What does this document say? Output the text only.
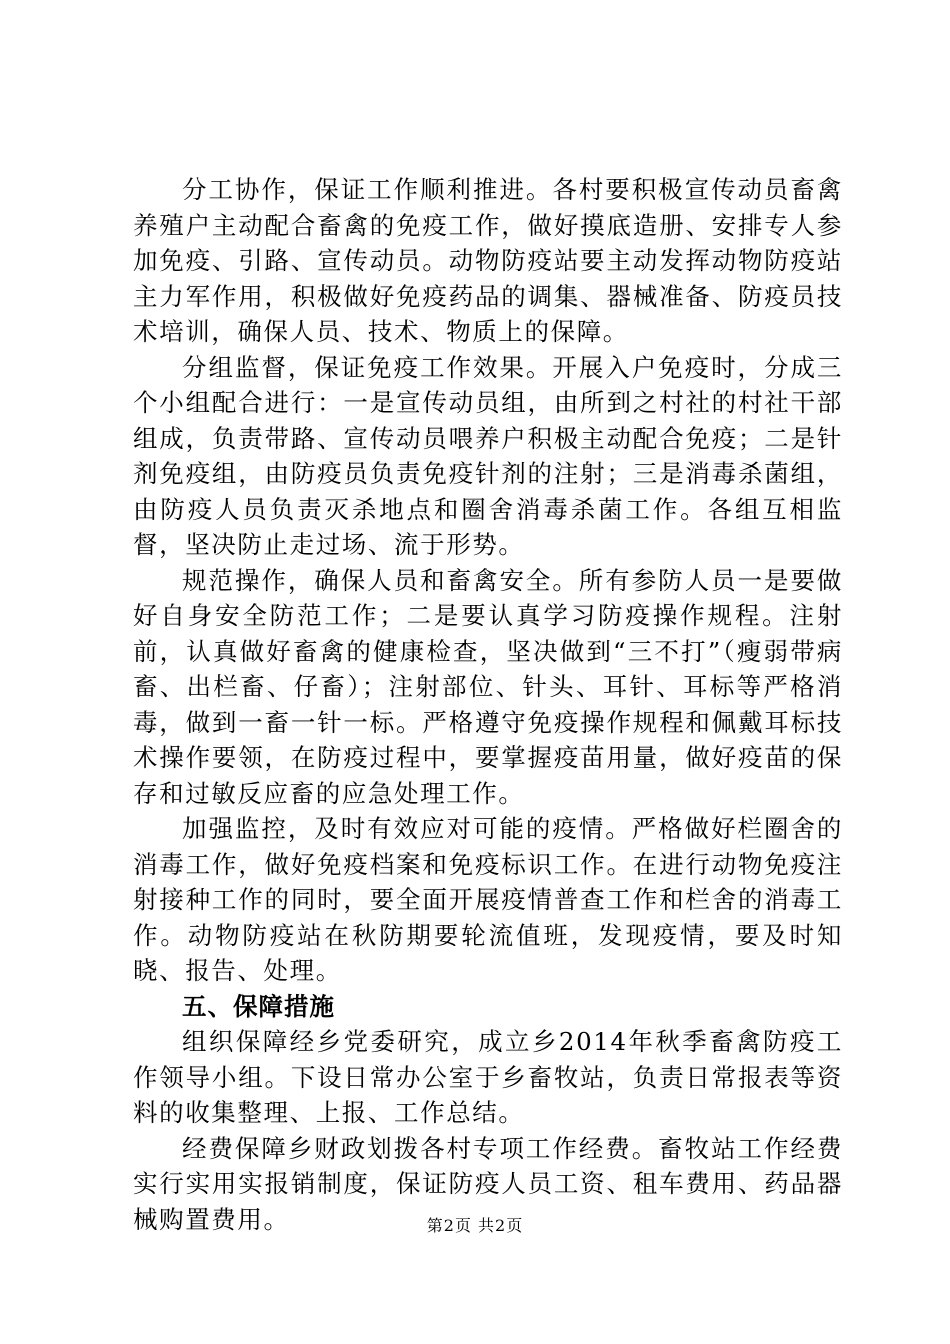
分工协作，保证工作顺利推进。各村要积极宣传动员畜禽养殖户主动配合畜禽的免疫工作，做好摸底造册、安排专人参加免疫、引路、宣传动员。动物防疫站要主动发挥动物防疫站主力军作用，积极做好免疫药品的调集、器械准备、防疫员技术培训，确保人员、技术、物质上的保障。

分组监督，保证免疫工作效果。开展入户免疫时，分成三个小组配合进行：一是宣传动员组，由所到之村社的村社干部组成，负责带路、宣传动员喂养户积极主动配合免疫；二是针剂免疫组，由防疫员负责免疫针剂的注射；三是消毒杀菌组，由防疫人员负责灭杀地点和圈舍消毒杀菌工作。各组互相监督，坚决防止走过场、流于形势。

规范操作，确保人员和畜禽安全。所有参防人员一是要做好自身安全防范工作；二是要认真学习防疫操作规程。注射前，认真做好畜禽的健康检查，坚决做到“三不打”（瘦弱带病畜、出栏畜、仔畜）；注射部位、针头、耳针、耳标等严格消毒，做到一畜一针一标。严格遵守免疫操作规程和佩戴耳标技术操作要领，在防疫过程中，要掌握疫苗用量，做好疫苗的保存和过敏反应畜的应急处理工作。

加强监控，及时有效应对可能的疫情。严格做好栏圈舍的消毒工作，做好免疫档案和免疫标识工作。在进行动物免疫注射接种工作的同时，要全面开展疫情普查工作和栏舍的消毒工作。动物防疫站在秋防期要轮流值班，发现疫情，要及时知晓、报告、处理。

五、保障措施

组织保障经乡党委研究，成立乡2014年秋季畜禽防疫工作领导小组。下设日常办公室于乡畜牧站，负责日常报表等资料的收集整理、上报、工作总结。

经费保障乡财政划拨各村专项工作经费。畜牧站工作经费实行实用实报销制度，保证防疫人员工资、租车费用、药品器械购置费用。	第2页 共2页
